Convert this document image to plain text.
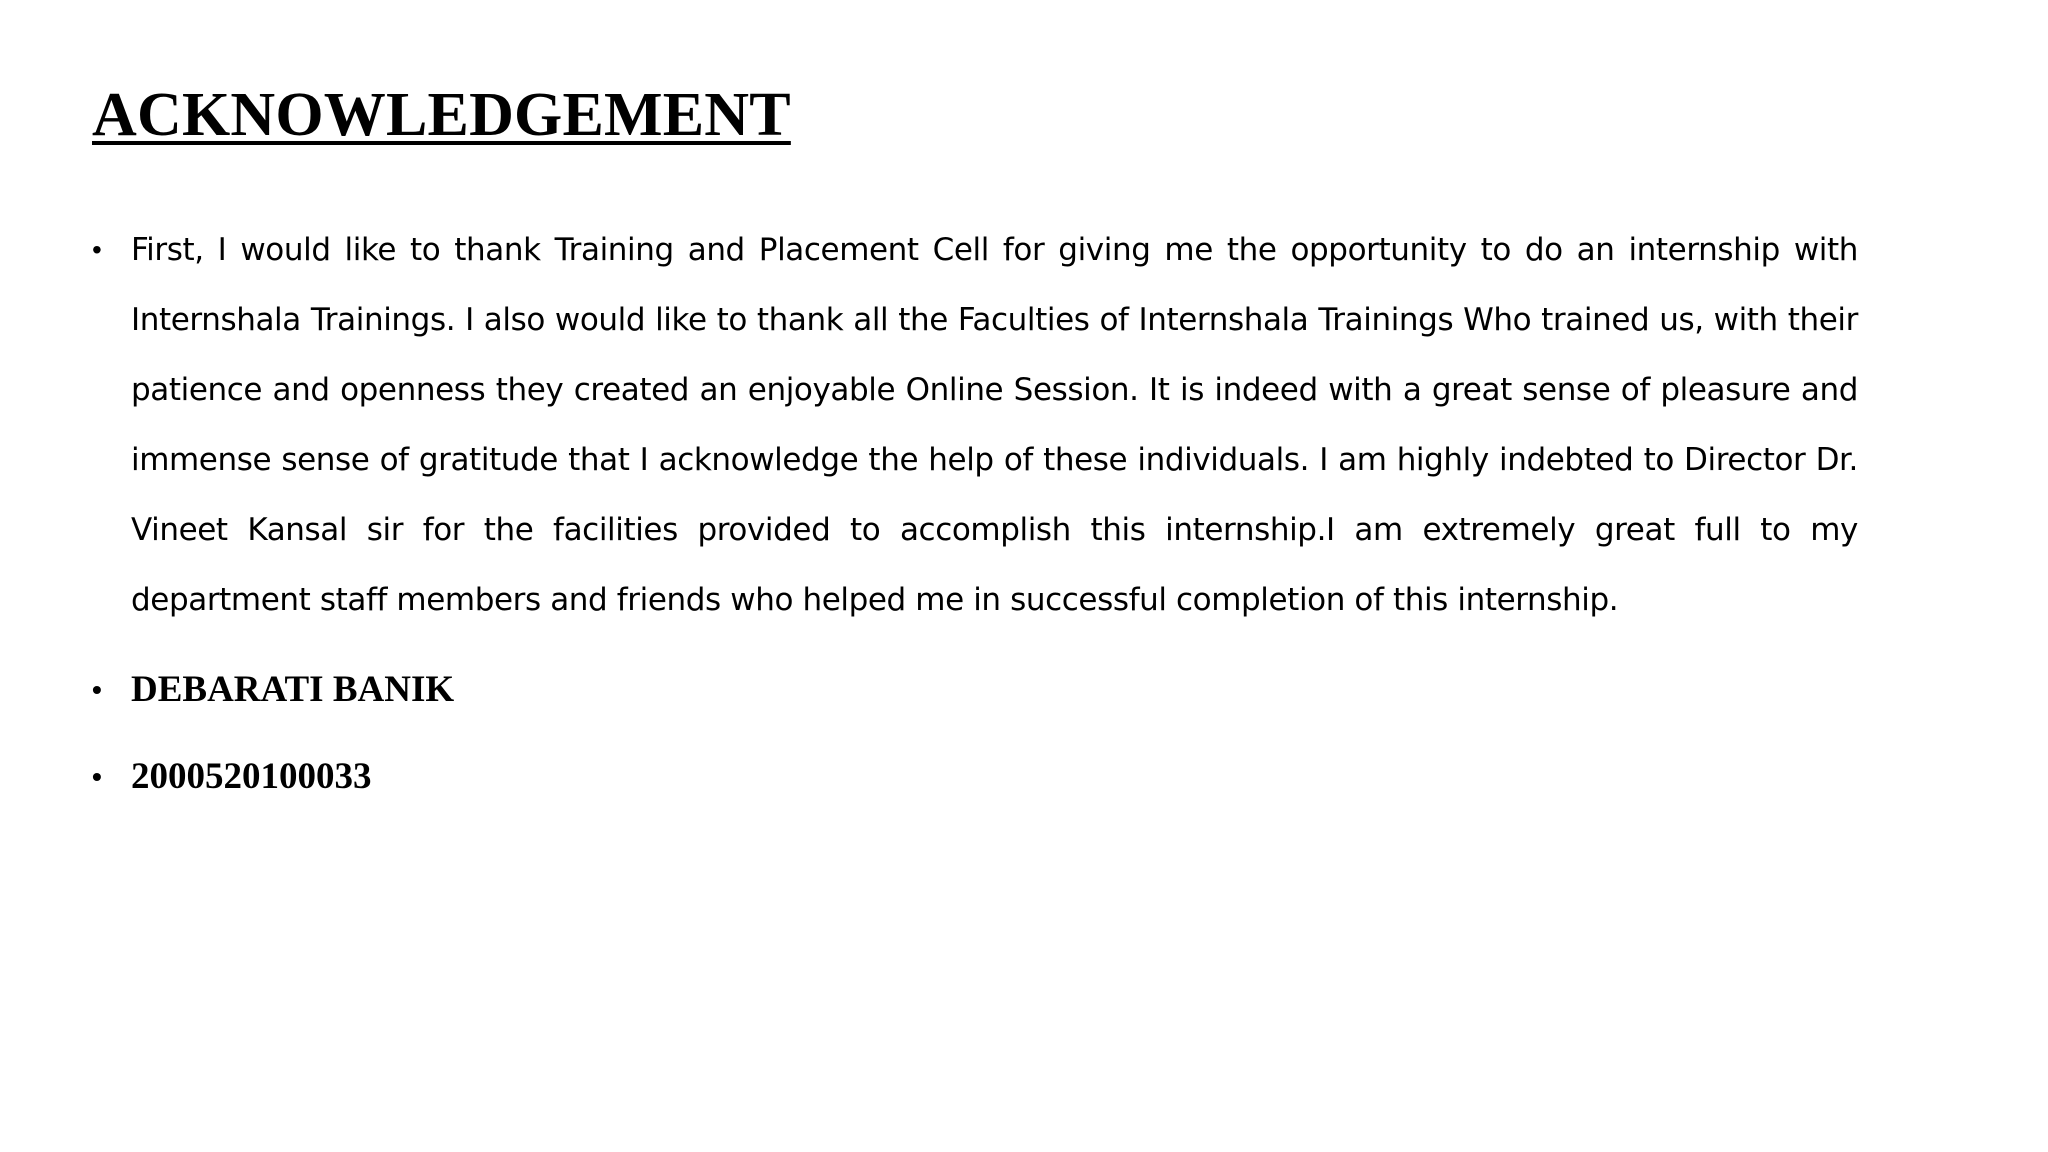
ACKNOWLEDGEMENT
• First, I would like to thank Training and Placement Cell for giving me the opportunity to do an internship with Internshala Trainings. I also would like to thank all the Faculties of Internshala Trainings Who trained us, with their patience and openness they created an enjoyable Online Session. It is indeed with a great sense of pleasure and immense sense of gratitude that I acknowledge the help of these individuals. I am highly indebted to Director Dr. Vineet Kansal sir for the facilities provided to accomplish this internship.I am extremely great full to my department staff members and friends who helped me in successful completion of this internship.
• DEBARATI BANIK
• 2000520100033
